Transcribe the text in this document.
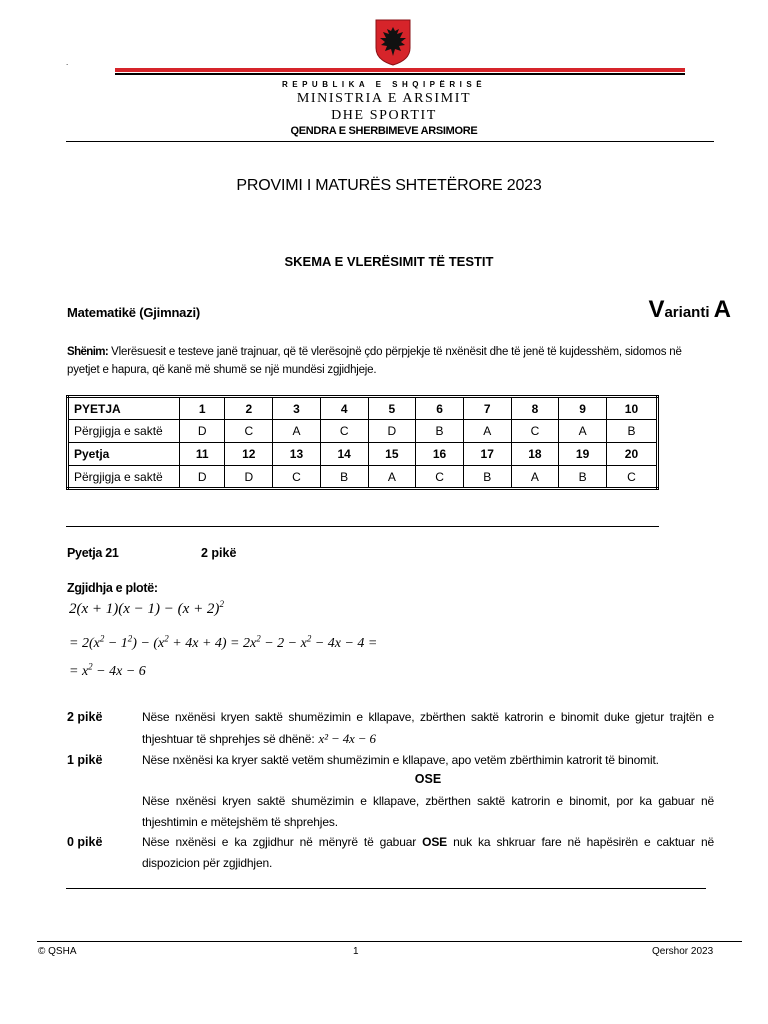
.
REPUBLIKA E SHQIPËRISË
MINISTRIA E ARSIMIT
DHE SPORTIT
QENDRA E SHERBIMEVE ARSIMORE
PROVIMI I MATURËS SHTETËRORE 2023
SKEMA E VLERËSIMIT TË TESTIT
Matematikë (Gjimnazi)	Varianti A
Shënim: Vlerësuesit e testeve janë trajnuar, që të vlerësojnë çdo përpjekje të nxënësit dhe të jenë të kujdesshëm, sidomos në pyetjet e hapura, që kanë më shumë se një mundësi zgjidhjeje.
PYETJA	1	2	3	4	5	6	7	8	9	10
Përgjigja e saktë	D	C	A	C	D	B	A	C	A	B
Pyetja	11	12	13	14	15	16	17	18	19	20
Përgjigja e saktë	D	D	C	B	A	C	B	A	B	C
Pyetja 21	2 pikë
Zgjidhja e plotë:
$2(x + 1)(x - 1) - (x + 2)^2$
= $2(x^2 - 1^2) - (x^2 + 4x + 4) = 2x^2 - 2 - x^2 - 4x - 4$ =
= $x^2 - 4x - 6$
2 pikë	Nëse nxënësi kryen saktë shumëzimin e kllapave, zbërthen saktë katrorin e binomit duke gjetur trajtën e thjeshtuar të shprehjes së dhënë: x² − 4x − 6
1 pikë	Nëse nxënësi ka kryer saktë vetëm shumëzimin e kllapave, apo vetëm zbërthimin katrorit të binomit.
OSE
Nëse nxënësi kryen saktë shumëzimin e kllapave, zbërthen saktë katrorin e binomit, por ka gabuar në thjeshtimin e mëtejshëm të shprehjes.
0 pikë	Nëse nxënësi e ka zgjidhur në mënyrë të gabuar OSE nuk ka shkruar fare në hapësirën e caktuar në dispozicion për zgjidhjen.
© QSHA	1	Qershor 2023
